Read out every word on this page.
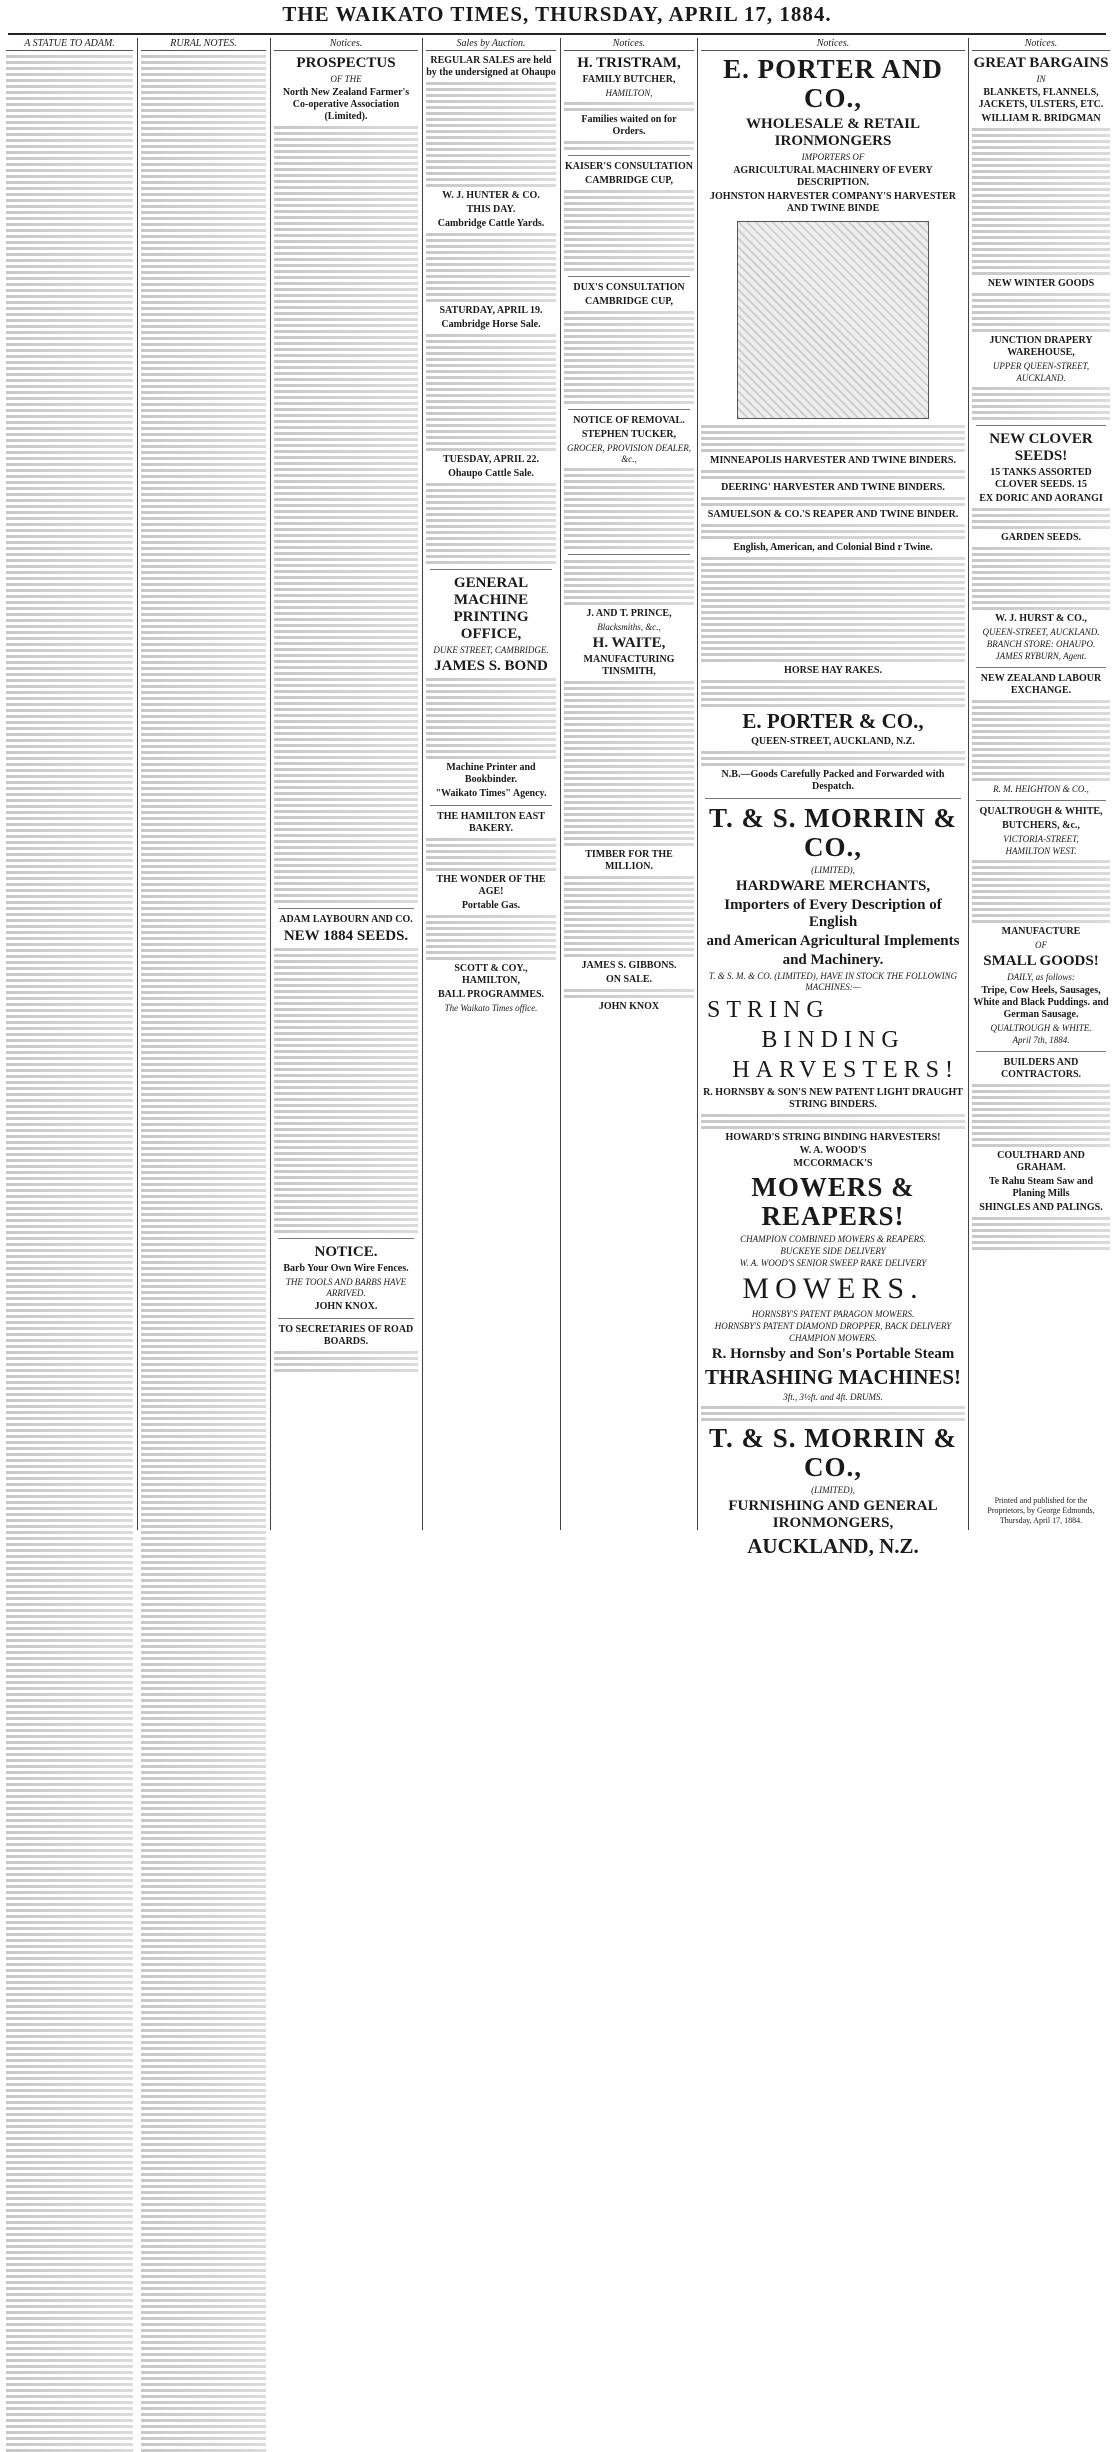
THE WAIKATO TIMES, THURSDAY, APRIL 17, 1884.
A STATUE TO ADAM.	RURAL NOTES.	Notices.
PROSPECTUS
OF THE
North New Zealand Farmer's Co-operative Association (Limited).
ADAM LAYBOURN AND CO.
NEW 1884 SEEDS.
NOTICE.
Barb Your Own Wire Fences.
THE TOOLS AND BARBS HAVE ARRIVED.
JOHN KNOX.
TO SECRETARIES OF ROAD BOARDS.
Sales by Auction.
REGULAR SALES are held by the undersigned at Ohaupo
W. J. HUNTER & CO.
THIS DAY.
Cambridge Cattle Yards.
SATURDAY, APRIL 19.
Cambridge Horse Sale.
TUESDAY, APRIL 22.
Ohaupo Cattle Sale.
GENERAL MACHINE PRINTING OFFICE,
DUKE STREET, CAMBRIDGE.
JAMES S. BOND
Machine Printer and Bookbinder.
"Waikato Times" Agency.
THE HAMILTON EAST BAKERY.
THE WONDER OF THE AGE!
Portable Gas.
SCOTT & COY., HAMILTON,
BALL PROGRAMMES.
The Waikato Times office.
Notices.
H. TRISTRAM,
FAMILY BUTCHER,
HAMILTON,
Families waited on for Orders.
KAISER'S CONSULTATION
CAMBRIDGE CUP,
DUX'S CONSULTATION
CAMBRIDGE CUP,
NOTICE OF REMOVAL.
STEPHEN TUCKER,
GROCER, PROVISION DEALER, &c.,
J. AND T. PRINCE,
Blacksmiths, &c.,
H. WAITE,
MANUFACTURING TINSMITH,
TIMBER FOR THE MILLION.
JAMES S. GIBBONS.
ON SALE.
JOHN KNOX
Notices.
E. PORTER AND CO.,
WHOLESALE & RETAIL IRONMONGERS
IMPORTERS OF
AGRICULTURAL MACHINERY OF EVERY DESCRIPTION.
JOHNSTON HARVESTER COMPANY'S HARVESTER AND TWINE BINDE
MINNEAPOLIS HARVESTER AND TWINE BINDERS.
DEERING' HARVESTER AND TWINE BINDERS.
SAMUELSON & CO.'S REAPER AND TWINE BINDER.
English, American, and Colonial Bind r Twine.
HORSE HAY RAKES.
E. PORTER & CO.,
QUEEN-STREET, AUCKLAND, N.Z.
N.B.—Goods Carefully Packed and Forwarded with Despatch.
T. & S. MORRIN & CO.,
(LIMITED),
HARDWARE MERCHANTS,
Importers of Every Description of English
and American Agricultural Implements
and Machinery.
T. & S. M. & CO. (LIMITED), HAVE IN STOCK THE FOLLOWING MACHINES:—
STRING
BINDING
HARVESTERS!
R. HORNSBY & SON'S NEW PATENT LIGHT DRAUGHT STRING BINDERS.
HOWARD'S STRING BINDING HARVESTERS!
W. A. WOOD'S
MCCORMACK'S
MOWERS & REAPERS!
CHAMPION COMBINED MOWERS & REAPERS.
BUCKEYE SIDE DELIVERY
W. A. WOOD'S SENIOR SWEEP RAKE DELIVERY
MOWERS.
HORNSBY'S PATENT PARAGON MOWERS.
HORNSBY'S PATENT DIAMOND DROPPER, BACK DELIVERY
CHAMPION MOWERS.
R. Hornsby and Son's Portable Steam
THRASHING MACHINES!
3ft., 3½ft. and 4ft. DRUMS.
T. & S. MORRIN & CO.,
(LIMITED),
FURNISHING AND GENERAL IRONMONGERS,
AUCKLAND, N.Z.
Notices.
GREAT BARGAINS
IN
BLANKETS, FLANNELS, JACKETS, ULSTERS, ETC.
WILLIAM R. BRIDGMAN
NEW WINTER GOODS
JUNCTION DRAPERY WAREHOUSE,
UPPER QUEEN-STREET,
AUCKLAND.
NEW CLOVER SEEDS!
15 TANKS ASSORTED CLOVER SEEDS. 15
EX DORIC AND AORANGI
GARDEN SEEDS.
W. J. HURST & CO.,
QUEEN-STREET, AUCKLAND.
BRANCH STORE: OHAUPO.
JAMES RYBURN, Agent.
NEW ZEALAND LABOUR EXCHANGE.
R. M. HEIGHTON & CO.,
QUALTROUGH & WHITE,
BUTCHERS, &c.,
VICTORIA-STREET,
HAMILTON WEST.
MANUFACTURE
OF
SMALL GOODS!
DAILY, as follows:
Tripe, Cow Heels, Sausages, White and Black Puddings. and German Sausage.
QUALTROUGH & WHITE.
April 7th, 1884.
BUILDERS AND CONTRACTORS.
COULTHARD AND GRAHAM.
Te Rahu Steam Saw and Planing Mills
SHINGLES AND PALINGS.
Printed and published for the Proprietors, by George Edmonds, Thursday, April 17, 1884.
